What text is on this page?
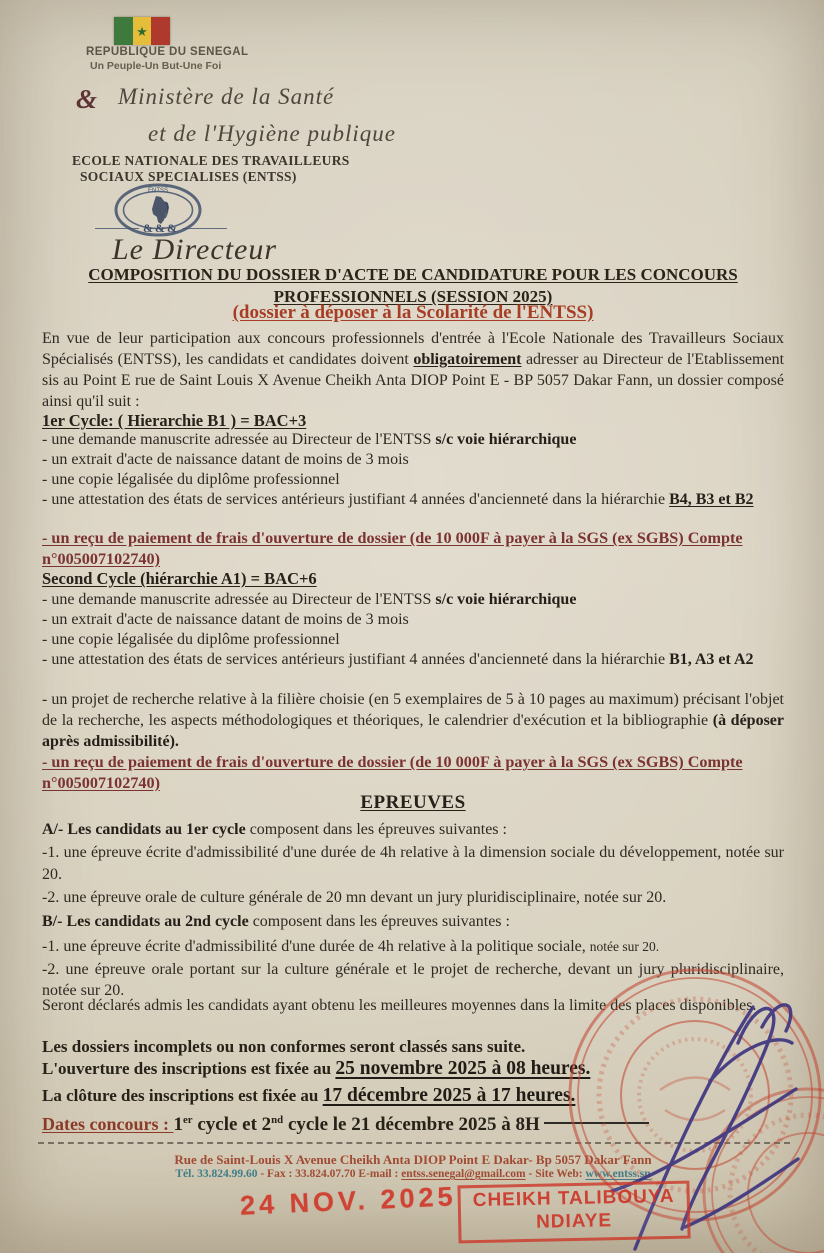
★
REPUBLIQUE DU SENEGAL
Un Peuple-Un But-Une Foi
& Ministère de la Santé
et de l'Hygiène publique
ECOLE NATIONALE DES TRAVAILLEURS
SOCIAUX SPECIALISES (ENTSS)
ENTSS
&&&
Le Directeur
COMPOSITION DU DOSSIER D'ACTE DE CANDIDATURE POUR LES CONCOURS
PROFESSIONNELS (SESSION 2025)
(dossier à déposer à la Scolarité de l'ENTSS)
En vue de leur participation aux concours professionnels d'entrée à l'Ecole Nationale des Travailleurs Sociaux Spécialisés (ENTSS), les candidats et candidates doivent obligatoirement adresser au Directeur de l'Etablissement sis au Point E rue de Saint Louis X Avenue Cheikh Anta DIOP Point E - BP 5057 Dakar Fann, un dossier composé ainsi qu'il suit :
1er Cycle: ( Hierarchie B1 ) = BAC+3
- une demande manuscrite adressée au Directeur de l'ENTSS s/c voie hiérarchique
- un extrait d'acte de naissance datant de moins de 3 mois
- une copie légalisée du diplôme professionnel
- une attestation des états de services antérieurs justifiant 4 années d'ancienneté dans la hiérarchie B4, B3 et B2
- un reçu de paiement de frais d'ouverture de dossier (de 10 000F à payer à la SGS (ex SGBS) Compte n°005007102740)
Second Cycle (hiérarchie A1) = BAC+6
- une demande manuscrite adressée au Directeur de l'ENTSS s/c voie hiérarchique
- un extrait d'acte de naissance datant de moins de 3 mois
- une copie légalisée du diplôme professionnel
- une attestation des états de services antérieurs justifiant 4 années d'ancienneté dans la hiérarchie B1, A3 et A2
- un projet de recherche relative à la filière choisie (en 5 exemplaires de 5 à 10 pages au maximum) précisant l'objet de la recherche, les aspects méthodologiques et théoriques, le calendrier d'exécution et la bibliographie (à déposer après admissibilité).
- un reçu de paiement de frais d'ouverture de dossier (de 10 000F à payer à la SGS (ex SGBS) Compte n°005007102740)
EPREUVES
A/- Les candidats au 1er cycle composent dans les épreuves suivantes :
-1. une épreuve écrite d'admissibilité d'une durée de 4h relative à la dimension sociale du développement, notée sur 20.
-2. une épreuve orale de culture générale de 20 mn devant un jury pluridisciplinaire, notée sur 20.
B/- Les candidats au 2nd cycle composent dans les épreuves suivantes :
-1. une épreuve écrite d'admissibilité d'une durée de 4h relative à la politique sociale, notée sur 20.
-2. une épreuve orale portant sur la culture générale et le projet de recherche, devant un jury pluridisciplinaire, notée sur 20.
Seront déclarés admis les candidats ayant obtenu les meilleures moyennes dans la limite des places disponibles.
Les dossiers incomplets ou non conformes seront classés sans suite.
L'ouverture des inscriptions est fixée au 25 novembre 2025 à 08 heures.
La clôture des inscriptions est fixée au 17 décembre 2025 à 17 heures.
Dates concours : 1er cycle et 2nd cycle le 21 décembre 2025 à 8H
Rue de Saint-Louis X Avenue Cheikh Anta DIOP Point E Dakar- Bp 5057 Dakar Fann
Tél. 33.824.99.60 - Fax : 33.824.07.70 E-mail : entss.senegal@gmail.com - Site Web: www.entss.sn
24 NOV. 2025 CHEIKH TALIBOUYA
NDIAYE
